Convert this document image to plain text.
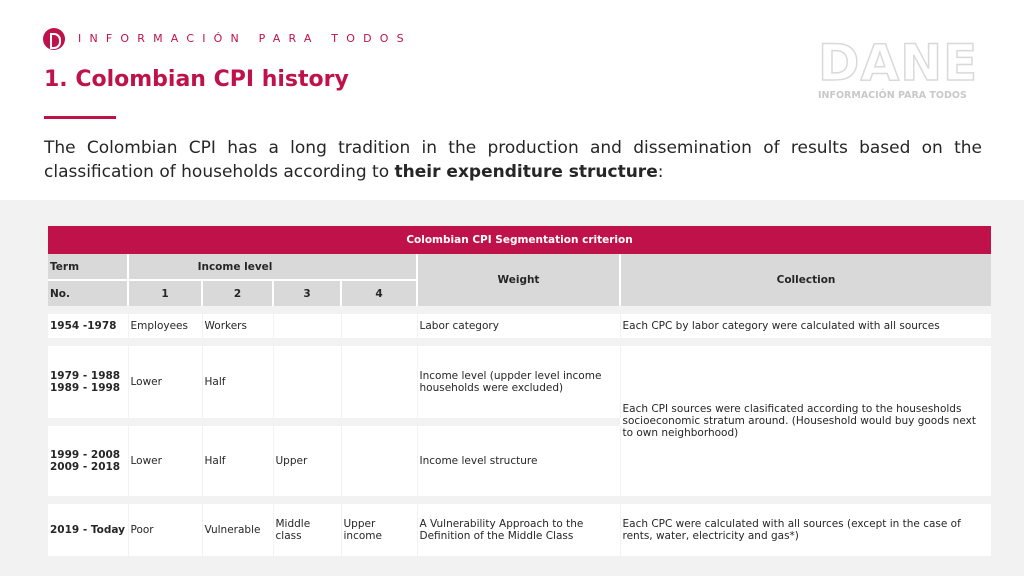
INFORMACIÓN PARA TODOS	DANE
INFORMACIÓN PARA TODOS
1. Colombian CPI history

The Colombian CPI has a long tradition in the production and dissemination of results based on the classification of households according to their expenditure structure:

Colombian CPI Segmentation criterion						
Term	Income level				Weight	Collection
No.	1	2	3	4		

1954 -1978	Employees	Workers			Labor category	Each CPC by labor category were calculated with all sources

1979 - 1988
1989 - 1998	Lower	Half			Income level (uppder level income households were excluded)	Each CPI sources were clasificated according to the housesholds socioeconomic stratum around. (Houseshold would buy goods next to own neighborhood)

1999 - 2008
2009 - 2018	Lower	Half	Upper		Income level structure	

2019 - Today	Poor	Vulnerable	Middle class	Upper income	A Vulnerability Approach to the Definition of the Middle Class	Each CPC were calculated with all sources (except in the case of rents, water, electricity and gas*)
